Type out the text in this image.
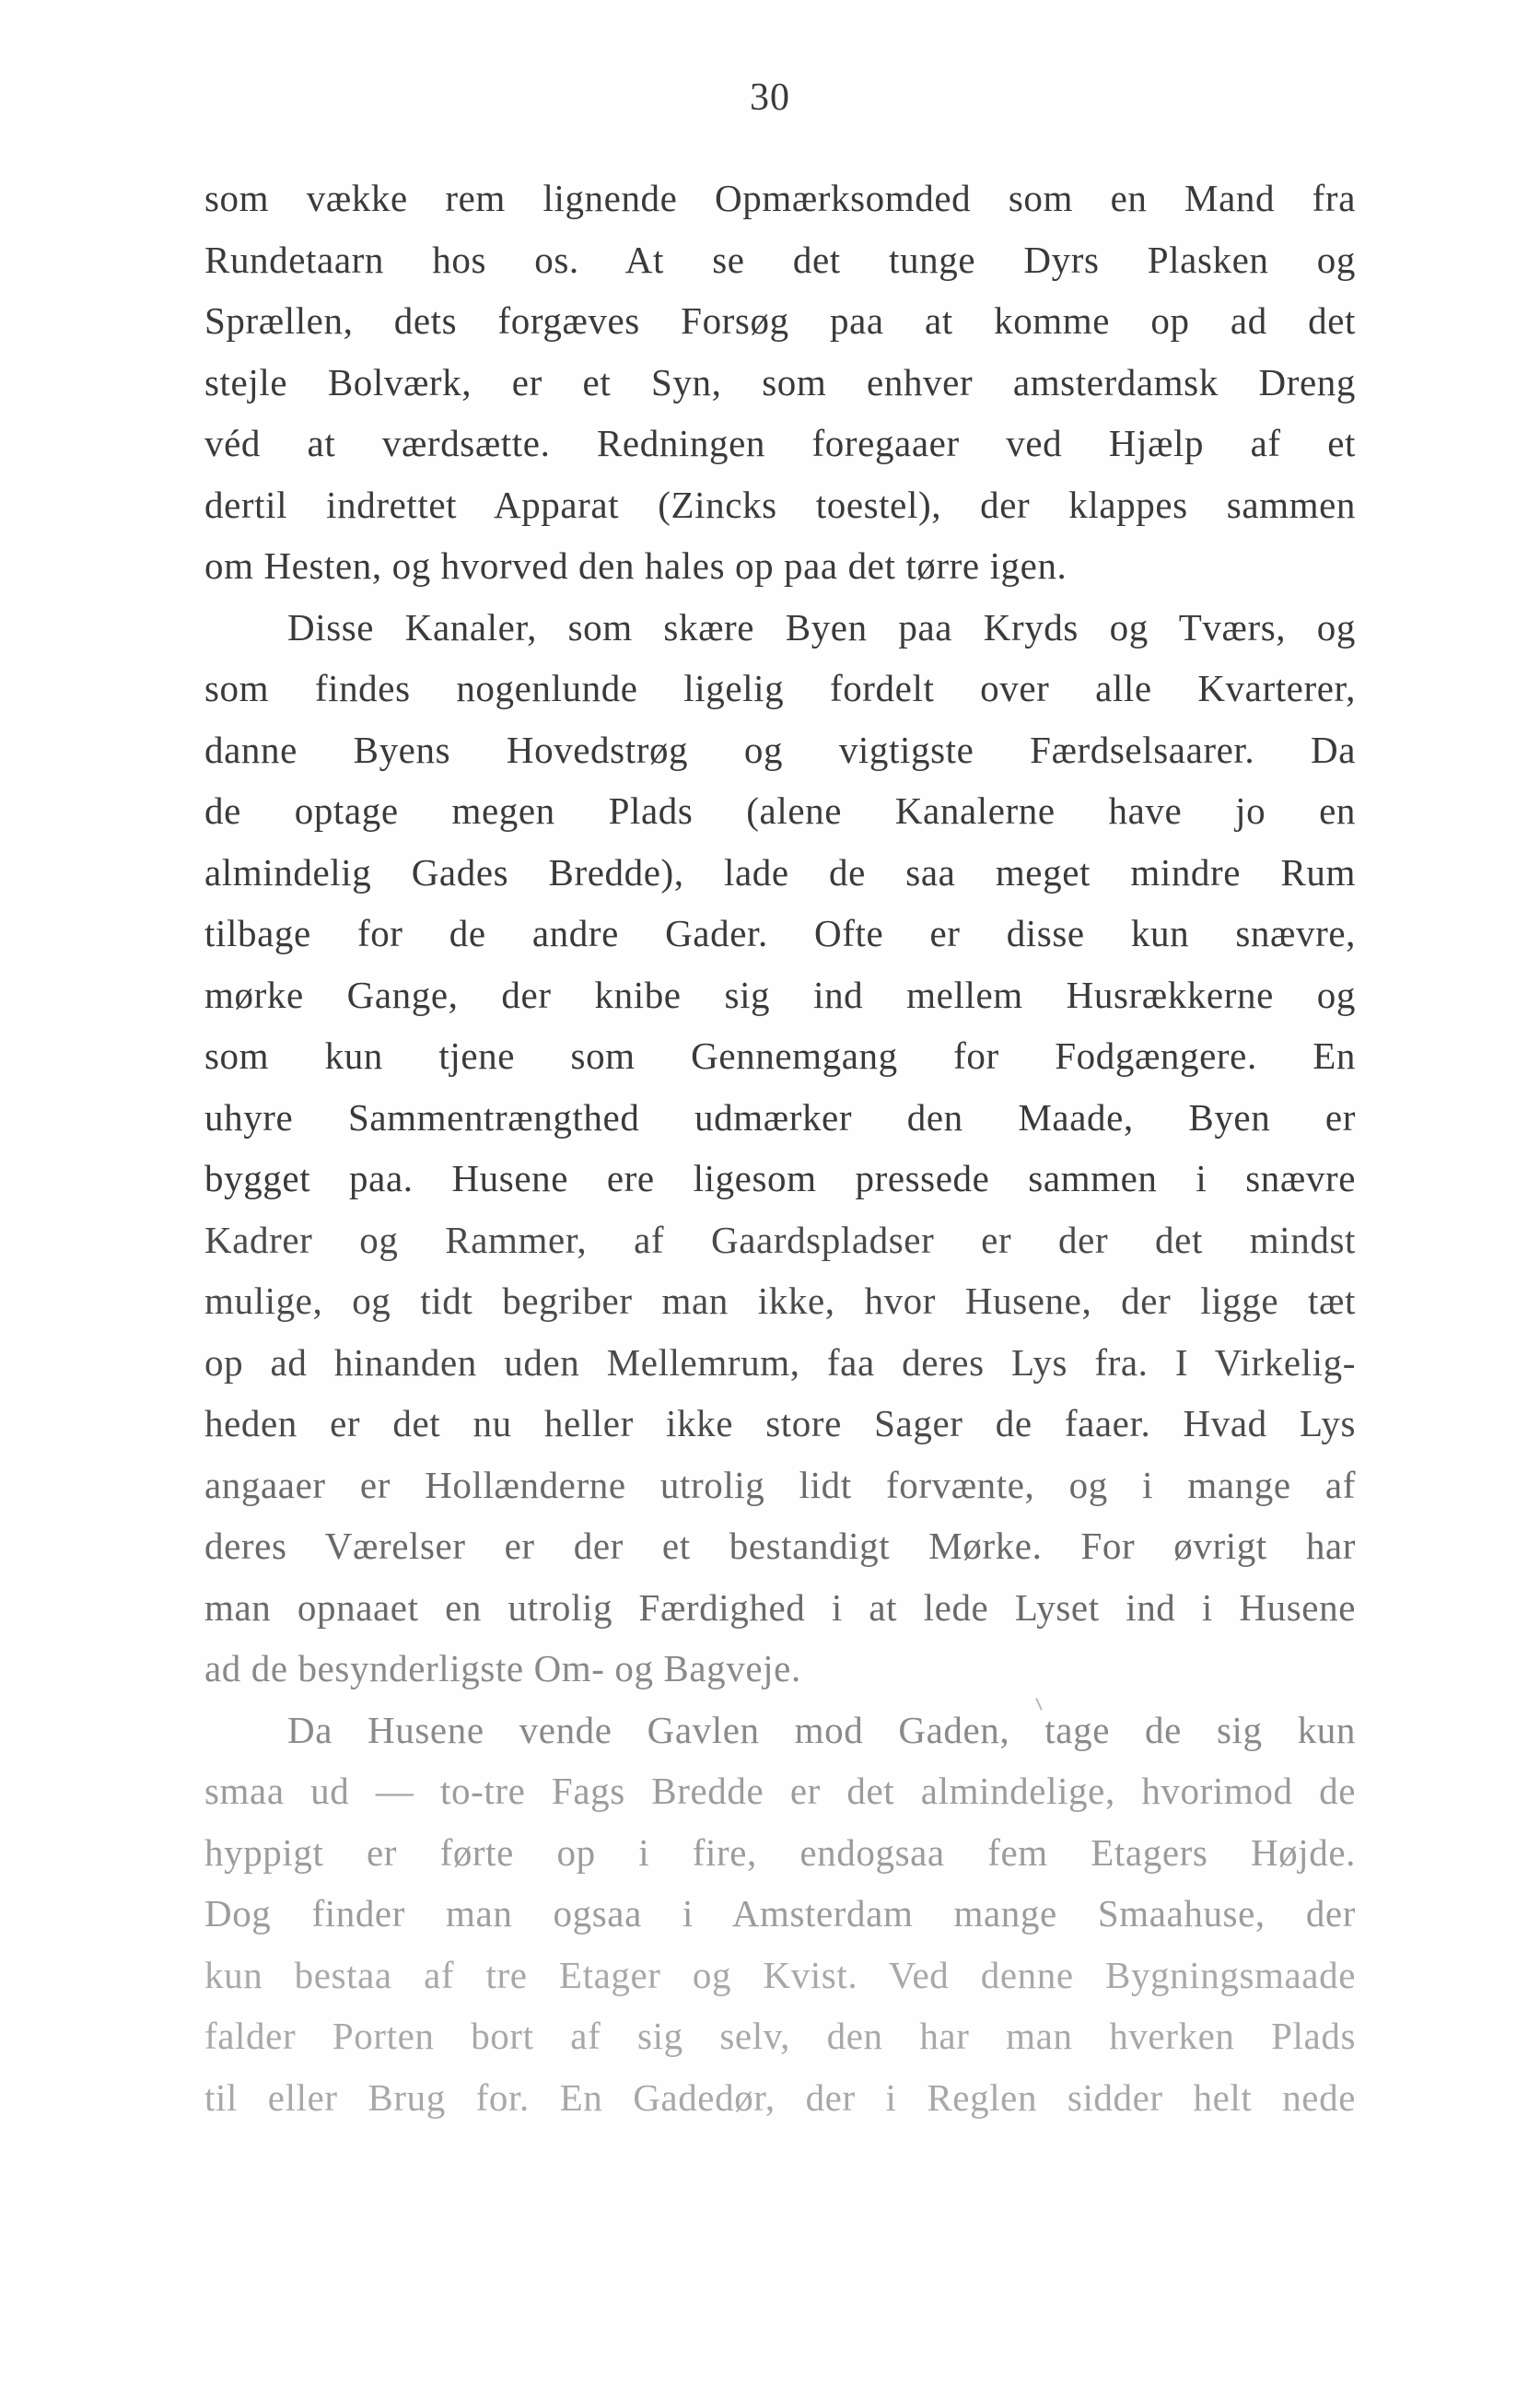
30
som vække rem lignende Opmærksomded som en Mand fra
Rundetaarn hos os. At se det tunge Dyrs Plasken og
Sprællen, dets forgæves Forsøg paa at komme op ad det
stejle Bolværk, er et Syn, som enhver amsterdamsk Dreng
véd at værdsætte. Redningen foregaaer ved Hjælp af et
dertil indrettet Apparat (Zincks toestel), der klappes sammen
om Hesten, og hvorved den hales op paa det tørre igen.
Disse Kanaler, som skære Byen paa Kryds og Tværs, og
som findes nogenlunde ligelig fordelt over alle Kvarterer,
danne Byens Hovedstrøg og vigtigste Færdselsaarer. Da
de optage megen Plads (alene Kanalerne have jo en
almindelig Gades Bredde), lade de saa meget mindre Rum
tilbage for de andre Gader. Ofte er disse kun snævre,
mørke Gange, der knibe sig ind mellem Husrækkerne og
som kun tjene som Gennemgang for Fodgængere. En
uhyre Sammentrængthed udmærker den Maade, Byen er
bygget paa. Husene ere ligesom pressede sammen i snævre
Kadrer og Rammer, af Gaardspladser er der det mindst
mulige, og tidt begriber man ikke, hvor Husene, der ligge tæt
op ad hinanden uden Mellemrum, faa deres Lys fra. I Virkelig-
heden er det nu heller ikke store Sager de faaer. Hvad Lys
angaaer er Hollænderne utrolig lidt forvænte, og i mange af
deres Værelser er der et bestandigt Mørke. For øvrigt har
man opnaaet en utrolig Færdighed i at lede Lyset ind i Husene
ad de besynderligste Om- og Bagveje.
Da Husene vende Gavlen mod Gaden, tage de sig kun
smaa ud — to-tre Fags Bredde er det almindelige, hvorimod de
hyppigt er førte op i fire, endogsaa fem Etagers Højde.
Dog finder man ogsaa i Amsterdam mange Smaahuse, der
kun bestaa af tre Etager og Kvist. Ved denne Bygningsmaade
falder Porten bort af sig selv, den har man hverken Plads
til eller Brug for. En Gadedør, der i Reglen sidder helt nede
